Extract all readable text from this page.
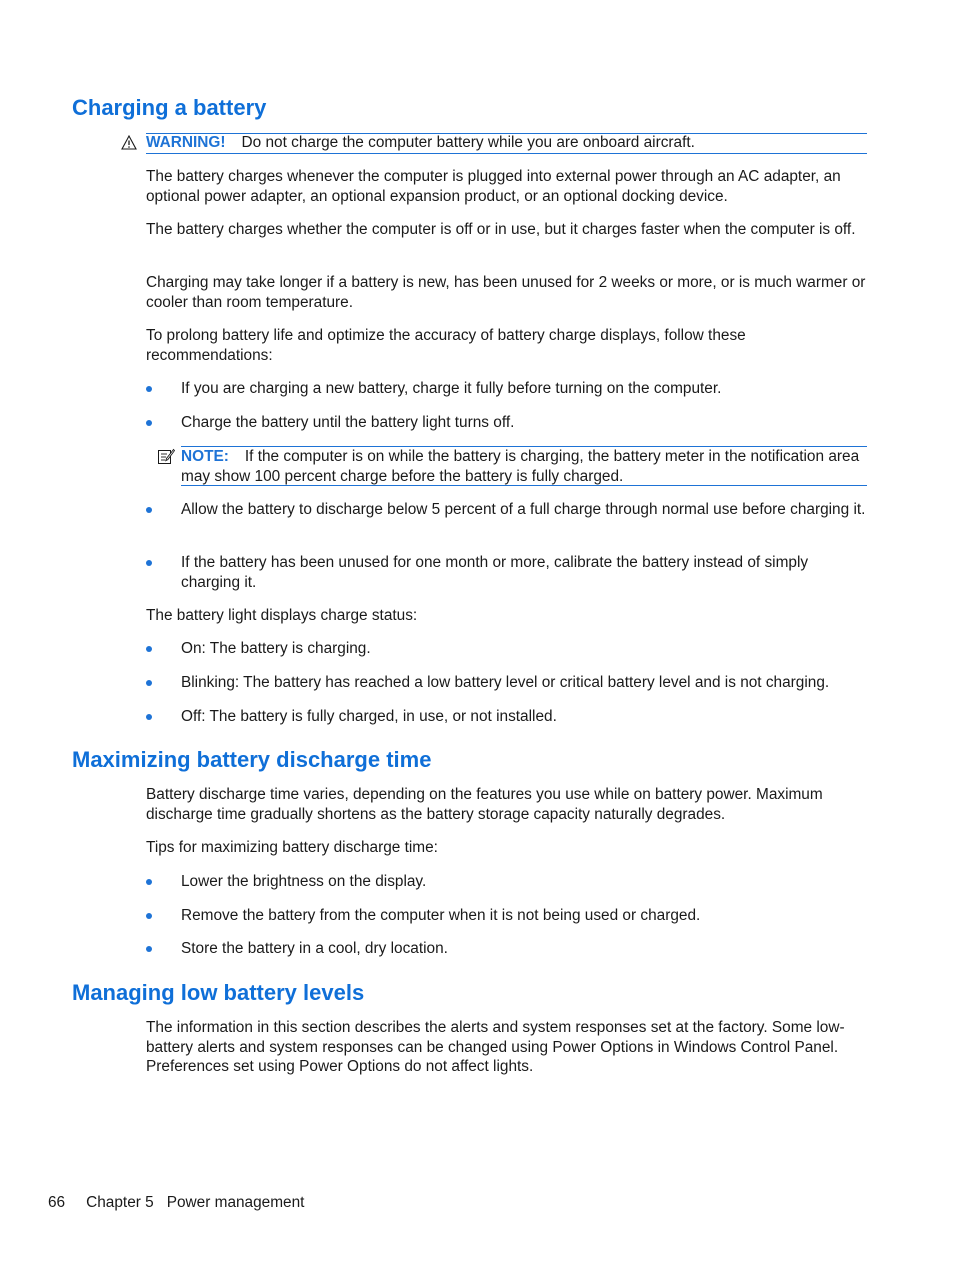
Charging a battery
WARNING! Do not charge the computer battery while you are onboard aircraft.

The battery charges whenever the computer is plugged into external power through an AC adapter, an optional power adapter, an optional expansion product, or an optional docking device.

The battery charges whether the computer is off or in use, but it charges faster when the computer is off.

Charging may take longer if a battery is new, has been unused for 2 weeks or more, or is much warmer or cooler than room temperature.

To prolong battery life and optimize the accuracy of battery charge displays, follow these recommendations:

If you are charging a new battery, charge it fully before turning on the computer.
Charge the battery until the battery light turns off.
NOTE: If the computer is on while the battery is charging, the battery meter in the notification area may show 100 percent charge before the battery is fully charged.
Allow the battery to discharge below 5 percent of a full charge through normal use before charging it.
If the battery has been unused for one month or more, calibrate the battery instead of simply charging it.

The battery light displays charge status:

On: The battery is charging.
Blinking: The battery has reached a low battery level or critical battery level and is not charging.
Off: The battery is fully charged, in use, or not installed.
Maximizing battery discharge time

Battery discharge time varies, depending on the features you use while on battery power. Maximum discharge time gradually shortens as the battery storage capacity naturally degrades.

Tips for maximizing battery discharge time:

Lower the brightness on the display.
Remove the battery from the computer when it is not being used or charged.
Store the battery in a cool, dry location.
Managing low battery levels

The information in this section describes the alerts and system responses set at the factory. Some low-battery alerts and system responses can be changed using Power Options in Windows Control Panel. Preferences set using Power Options do not affect lights.

66 Chapter 5 Power management
